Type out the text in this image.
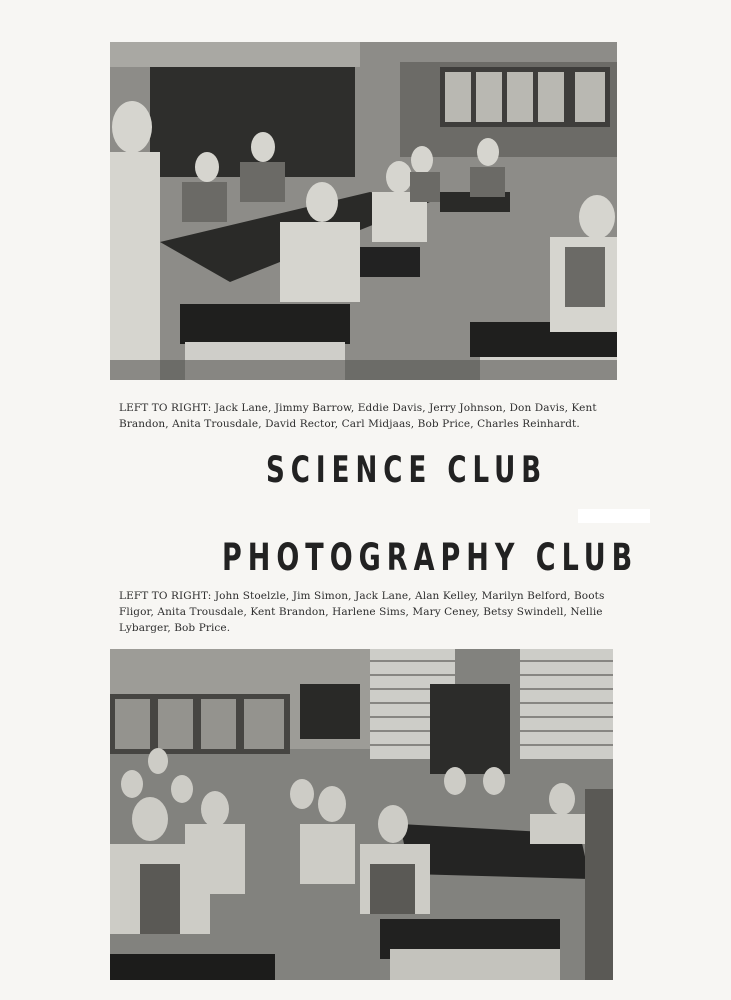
LEFT TO RIGHT: Jack Lane, Jimmy Barrow, Eddie Davis, Jerry Johnson, Don Davis, Kent Brandon, Anita Trousdale, David Rector, Carl Midjaas, Bob Price, Charles Reinhardt.
SCIENCE CLUB
PHOTOGRAPHY CLUB
LEFT TO RIGHT: John Stoelzle, Jim Simon, Jack Lane, Alan Kelley, Marilyn Belford, Boots Fligor, Anita Trousdale, Kent Brandon, Harlene Sims, Mary Ceney, Betsy Swindell, Nellie Lybarger, Bob Price.
